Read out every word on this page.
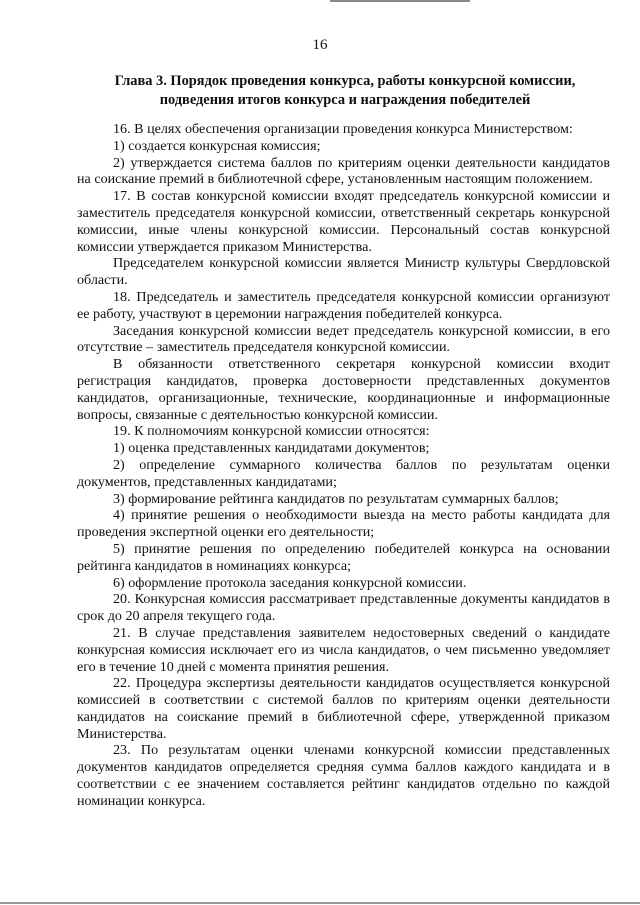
16
Глава 3. Порядок проведения конкурса, работы конкурсной комиссии, подведения итогов конкурса и награждения победителей

16. В целях обеспечения организации проведения конкурса Министерством:

1) создается конкурсная комиссия;

2) утверждается система баллов по критериям оценки деятельности кандидатов на соискание премий в библиотечной сфере, установленным настоящим положением.

17. В состав конкурсной комиссии входят председатель конкурсной комиссии и заместитель председателя конкурсной комиссии, ответственный секретарь конкурсной комиссии, иные члены конкурсной комиссии. Персональный состав конкурсной комиссии утверждается приказом Министерства.

Председателем конкурсной комиссии является Министр культуры Свердловской области.

18. Председатель и заместитель председателя конкурсной комиссии организуют ее работу, участвуют в церемонии награждения победителей конкурса.

Заседания конкурсной комиссии ведет председатель конкурсной комиссии, в его отсутствие – заместитель председателя конкурсной комиссии.

В обязанности ответственного секретаря конкурсной комиссии входит регистрация кандидатов, проверка достоверности представленных документов кандидатов, организационные, технические, координационные и информационные вопросы, связанные с деятельностью конкурсной комиссии.

19. К полномочиям конкурсной комиссии относятся:

1) оценка представленных кандидатами документов;

2) определение суммарного количества баллов по результатам оценки документов, представленных кандидатами;

3) формирование рейтинга кандидатов по результатам суммарных баллов;

4) принятие решения о необходимости выезда на место работы кандидата для проведения экспертной оценки его деятельности;

5) принятие решения по определению победителей конкурса на основании рейтинга кандидатов в номинациях конкурса;

6) оформление протокола заседания конкурсной комиссии.

20. Конкурсная комиссия рассматривает представленные документы кандидатов в срок до 20 апреля текущего года.

21. В случае представления заявителем недостоверных сведений о кандидате конкурсная комиссия исключает его из числа кандидатов, о чем письменно уведомляет его в течение 10 дней с момента принятия решения.

22. Процедура экспертизы деятельности кандидатов осуществляется конкурсной комиссией в соответствии с системой баллов по критериям оценки деятельности кандидатов на соискание премий в библиотечной сфере, утвержденной приказом Министерства.

23. По результатам оценки членами конкурсной комиссии представленных документов кандидатов определяется средняя сумма баллов каждого кандидата и в соответствии с ее значением составляется рейтинг кандидатов отдельно по каждой номинации конкурса.
